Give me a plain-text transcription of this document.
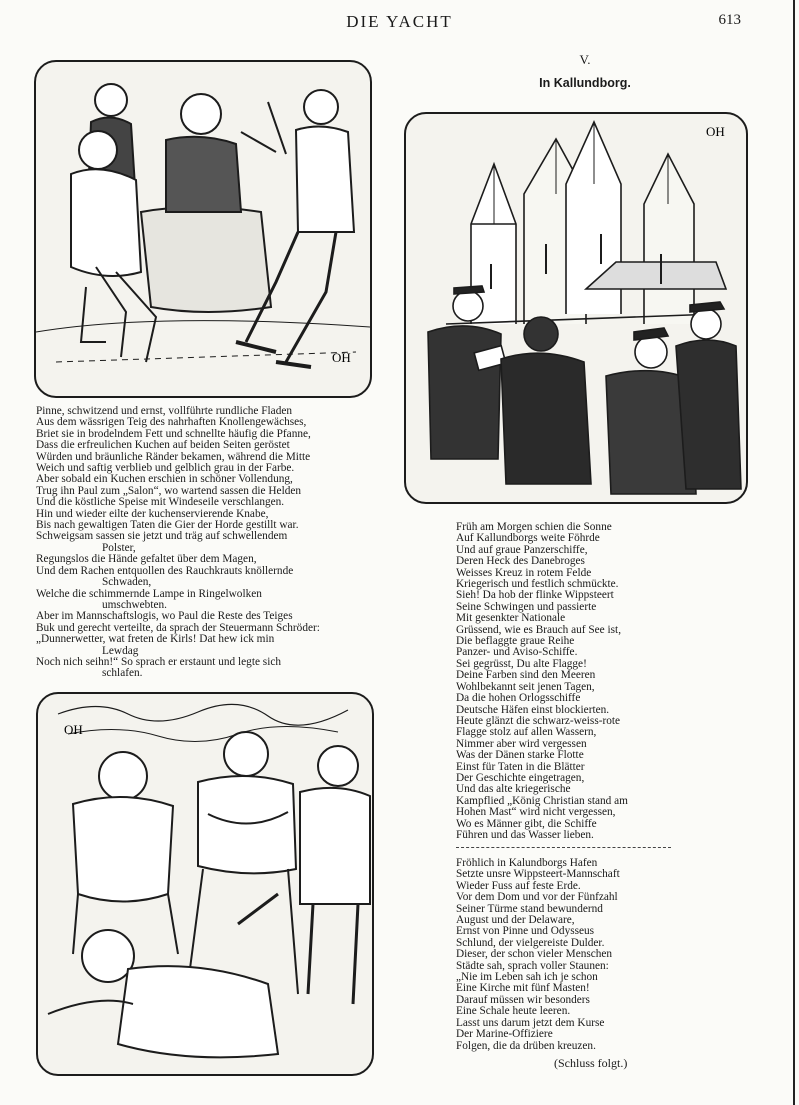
DIE YACHT	613
OH
OH
OH
V.
In Kallundborg.
Pinne, schwitzend und ernst, vollführte rundliche Fladen
Aus dem wässrigen Teig des nahrhaften Knollengewächses,
Briet sie in brodelndem Fett und schnellte häufig die Pfanne,
Dass die erfreulichen Kuchen auf beiden Seiten geröstet
Würden und bräunliche Ränder bekamen, während die Mitte
Weich und saftig verblieb und gelblich grau in der Farbe.
Aber sobald ein Kuchen erschien in schöner Vollendung,
Trug ihn Paul zum „Salon“, wo wartend sassen die Helden
Und die köstliche Speise mit Windeseile verschlangen.
Hin und wieder eilte der kuchenservierende Knabe,
Bis nach gewaltigen Taten die Gier der Horde gestillt war.
Schweigsam sassen sie jetzt und träg auf schwellendem
Polster,
Regungslos die Hände gefaltet über dem Magen,
Und dem Rachen entquollen des Rauchkrauts knöllernde
Schwaden,
Welche die schimmernde Lampe in Ringelwolken
umschwebten.
Aber im Mannschaftslogis, wo Paul die Reste des Teiges
Buk und gerecht verteilte, da sprach der Steuermann Schröder:
„Dunnerwetter, wat freten de Kirls! Dat hew ick min
Lewdag
Noch nich seihn!“ So sprach er erstaunt und legte sich
schlafen.
Früh am Morgen schien die Sonne
Auf Kallundborgs weite Föhrde
Und auf graue Panzerschiffe,
Deren Heck des Danebroges
Weisses Kreuz in rotem Felde
Kriegerisch und festlich schmückte.
Sieh! Da hob der flinke Wippsteert
Seine Schwingen und passierte
Mit gesenkter Nationale
Grüssend, wie es Brauch auf See ist,
Die beflaggte graue Reihe
Panzer- und Aviso-Schiffe.
Sei gegrüsst, Du alte Flagge!
Deine Farben sind den Meeren
Wohlbekannt seit jenen Tagen,
Da die hohen Orlogsschiffe
Deutsche Häfen einst blockierten.
Heute glänzt die schwarz-weiss-rote
Flagge stolz auf allen Wassern,
Nimmer aber wird vergessen
Was der Dänen starke Flotte
Einst für Taten in die Blätter
Der Geschichte eingetragen,
Und das alte kriegerische
Kampflied „König Christian stand am
Hohen Mast“ wird nicht vergessen,
Wo es Männer gibt, die Schiffe
Führen und das Wasser lieben.
Fröhlich in Kalundborgs Hafen
Setzte unsre Wippsteert-Mannschaft
Wieder Fuss auf feste Erde.
Vor dem Dom und vor der Fünfzahl
Seiner Türme stand bewundernd
August und der Delaware,
Ernst von Pinne und Odysseus
Schlund, der vielgereiste Dulder.
Dieser, der schon vieler Menschen
Städte sah, sprach voller Staunen:
„Nie im Leben sah ich je schon
Eine Kirche mit fünf Masten!
Darauf müssen wir besonders
Eine Schale heute leeren.
Lasst uns darum jetzt dem Kurse
Der Marine-Offiziere
Folgen, die da drüben kreuzen.
(Schluss folgt.)
